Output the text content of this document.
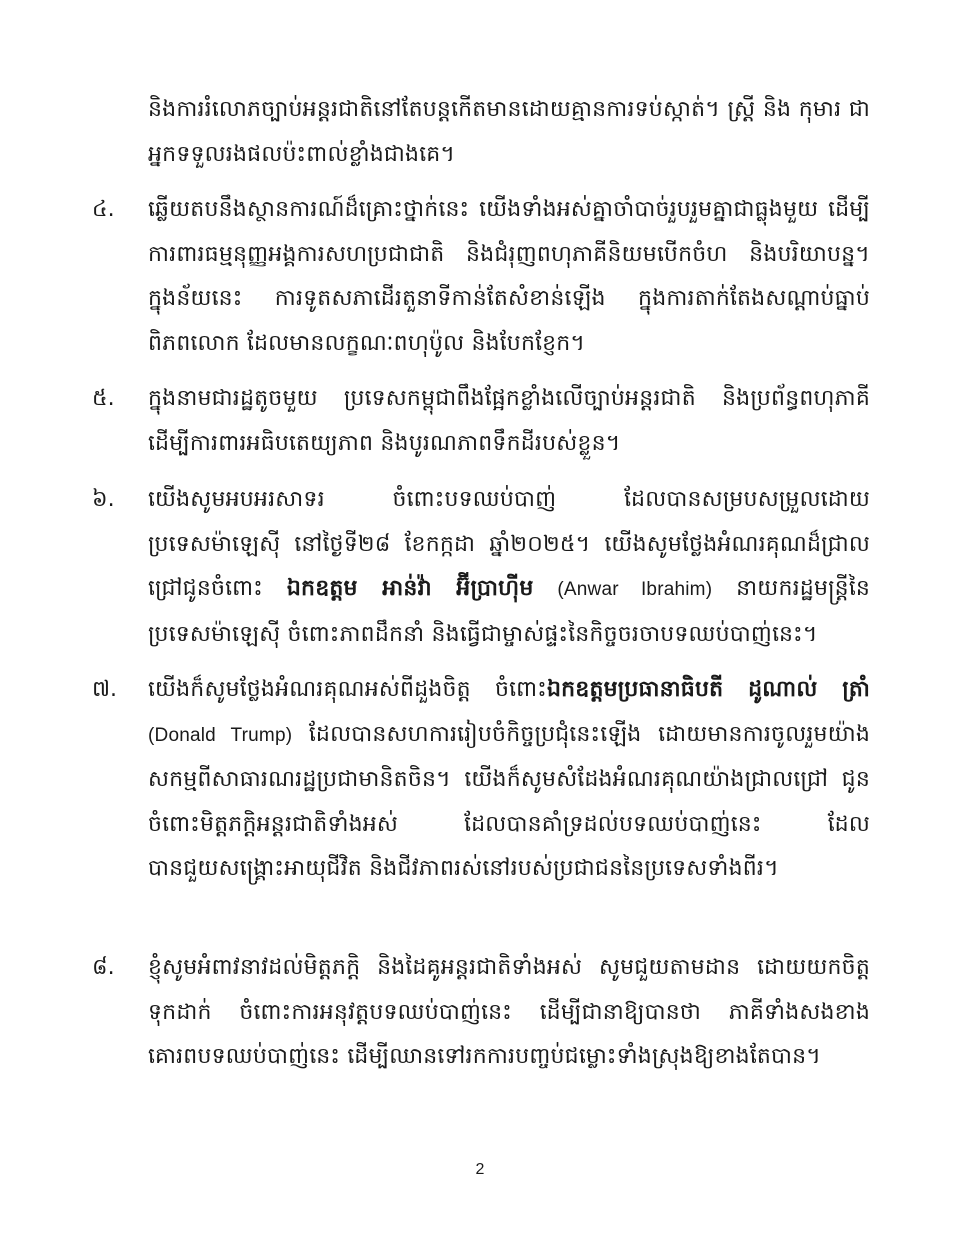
និងការរំលោភច្បាប់អន្តរជាតិនៅតែបន្តកើតមានដោយគ្មានការទប់ស្កាត់។ ស្ត្រី និង កុមារ ជាអ្នកទទួលរងផលប៉ះពាល់ខ្លាំងជាងគេ។
៤. ឆ្លើយតបនឹងស្ថានការណ៍ដ៏គ្រោះថ្នាក់នេះ យើងទាំងអស់គ្នាចាំបាច់រួបរួមគ្នាជាធ្លុងមួយ ដើម្បីការពារធម្មនុញ្ញអង្គការសហប្រជាជាតិ និងជំរុញពហុភាគីនិយមបើកចំហ និងបរិយាបន្ន។ ក្នុងន័យនេះ ការទូតសភាដើរតួនាទីកាន់តែសំខាន់ឡើង ក្នុងការតាក់តែងសណ្តាប់ធ្នាប់ពិភពលោក ដែលមានលក្ខណៈពហុប៉ូល និងបែកខ្ញែក។
៥. ក្នុងនាមជារដ្ឋតូចមួយ ប្រទេសកម្ពុជាពឹងផ្អែកខ្លាំងលើច្បាប់អន្តរជាតិ និងប្រព័ន្ធពហុភាគី ដើម្បីការពារអធិបតេយ្យភាព និងបូរណភាពទឹកដីរបស់ខ្លួន។
៦. យើងសូមអបអរសាទរ ចំពោះបទឈប់បាញ់ ដែលបានសម្របសម្រួលដោយប្រទេសម៉ាឡេស៊ី នៅថ្ងៃទី២៨ ខែកក្កដា ឆ្នាំ២០២៥។ យើងសូមថ្លែងអំណរគុណដ៏ជ្រាលជ្រៅជូនចំពោះ ឯកឧត្តម អាន់វ៉ា អ៊ីប្រាហ៊ីម (Anwar Ibrahim) នាយករដ្ឋមន្ត្រីនៃប្រទេសម៉ាឡេស៊ី ចំពោះភាពដឹកនាំ និងធ្វើជាម្ចាស់ផ្ទះនៃកិច្ចចរចាបទឈប់បាញ់នេះ។
៧. យើងក៏សូមថ្លែងអំណរគុណអស់ពីដួងចិត្ត ចំពោះឯកឧត្តមប្រធានាធិបតី ដូណាល់ ត្រាំ (Donald Trump) ដែលបានសហការរៀបចំកិច្ចប្រជុំនេះឡើង ដោយមានការចូលរួមយ៉ាងសកម្មពីសាធារណរដ្ឋប្រជាមានិតចិន។ យើងក៏សូមសំដែងអំណរគុណយ៉ាងជ្រាលជ្រៅ ជូនចំពោះមិត្តភក្តិអន្តរជាតិទាំងអស់ ដែលបានគាំទ្រដល់បទឈប់បាញ់នេះ ដែលបានជួយសង្គ្រោះអាយុជីវិត និងជីវភាពរស់នៅរបស់ប្រជាជននៃប្រទេសទាំងពីរ។
៨. ខ្ញុំសូមអំពាវនាវដល់មិត្តភក្តិ និងដៃគូអន្តរជាតិទាំងអស់ សូមជួយតាមដាន ដោយយកចិត្តទុកដាក់ ចំពោះការអនុវត្តបទឈប់បាញ់នេះ ដើម្បីជានាឱ្យបានថា ភាគីទាំងសងខាង គោរពបទឈប់បាញ់នេះ ដើម្បីឈានទៅរកការបញ្ចប់ជម្លោះទាំងស្រុងឱ្យខាងតែបាន។
2
